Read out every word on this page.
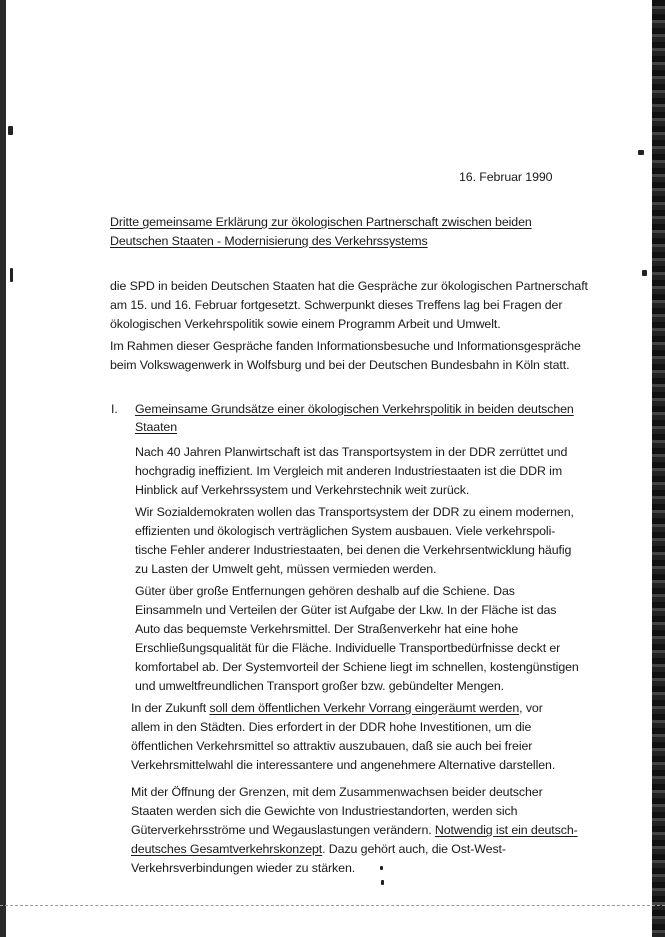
16. Februar 1990
Dritte gemeinsame Erklärung zur ökologischen Partnerschaft zwischen beiden
Deutschen Staaten - Modernisierung des Verkehrssystems
die SPD in beiden Deutschen Staaten hat die Gespräche zur ökologischen Partnerschaft
am 15. und 16. Februar fortgesetzt. Schwerpunkt dieses Treffens lag bei Fragen der
ökologischen Verkehrspolitik sowie einem Programm Arbeit und Umwelt.
Im Rahmen dieser Gespräche fanden Informationsbesuche und Informationsgespräche
beim Volkswagenwerk in Wolfsburg und bei der Deutschen Bundesbahn in Köln statt.
I. Gemeinsame Grundsätze einer ökologischen Verkehrspolitik in beiden deutschen
Staaten
Nach 40 Jahren Planwirtschaft ist das Transportsystem in der DDR zerrüttet und
hochgradig ineffizient. Im Vergleich mit anderen Industriestaaten ist die DDR im
Hinblick auf Verkehrssystem und Verkehrstechnik weit zurück.
Wir Sozialdemokraten wollen das Transportsystem der DDR zu einem modernen,
effizienten und ökologisch verträglichen System ausbauen. Viele verkehrspoli-
tische Fehler anderer Industriestaaten, bei denen die Verkehrsentwicklung häufig
zu Lasten der Umwelt geht, müssen vermieden werden.
Güter über große Entfernungen gehören deshalb auf die Schiene. Das
Einsammeln und Verteilen der Güter ist Aufgabe der Lkw. In der Fläche ist das
Auto das bequemste Verkehrsmittel. Der Straßenverkehr hat eine hohe
Erschließungsqualität für die Fläche. Individuelle Transportbedürfnisse deckt er
komfortabel ab. Der Systemvorteil der Schiene liegt im schnellen, kostengünstigen
und umweltfreundlichen Transport großer bzw. gebündelter Mengen.
In der Zukunft soll dem öffentlichen Verkehr Vorrang eingeräumt werden, vor
allem in den Städten. Dies erfordert in der DDR hohe Investitionen, um die
öffentlichen Verkehrsmittel so attraktiv auszubauen, daß sie auch bei freier
Verkehrsmittelwahl die interessantere und angenehmere Alternative darstellen.
Mit der Öffnung der Grenzen, mit dem Zusammenwachsen beider deutscher
Staaten werden sich die Gewichte von Industriestandorten, werden sich
Güterverkehrsströme und Wegauslastungen verändern. Notwendig ist ein deutsch-
deutsches Gesamtverkehrskonzept. Dazu gehört auch, die Ost-West-
Verkehrsverbindungen wieder zu stärken.
